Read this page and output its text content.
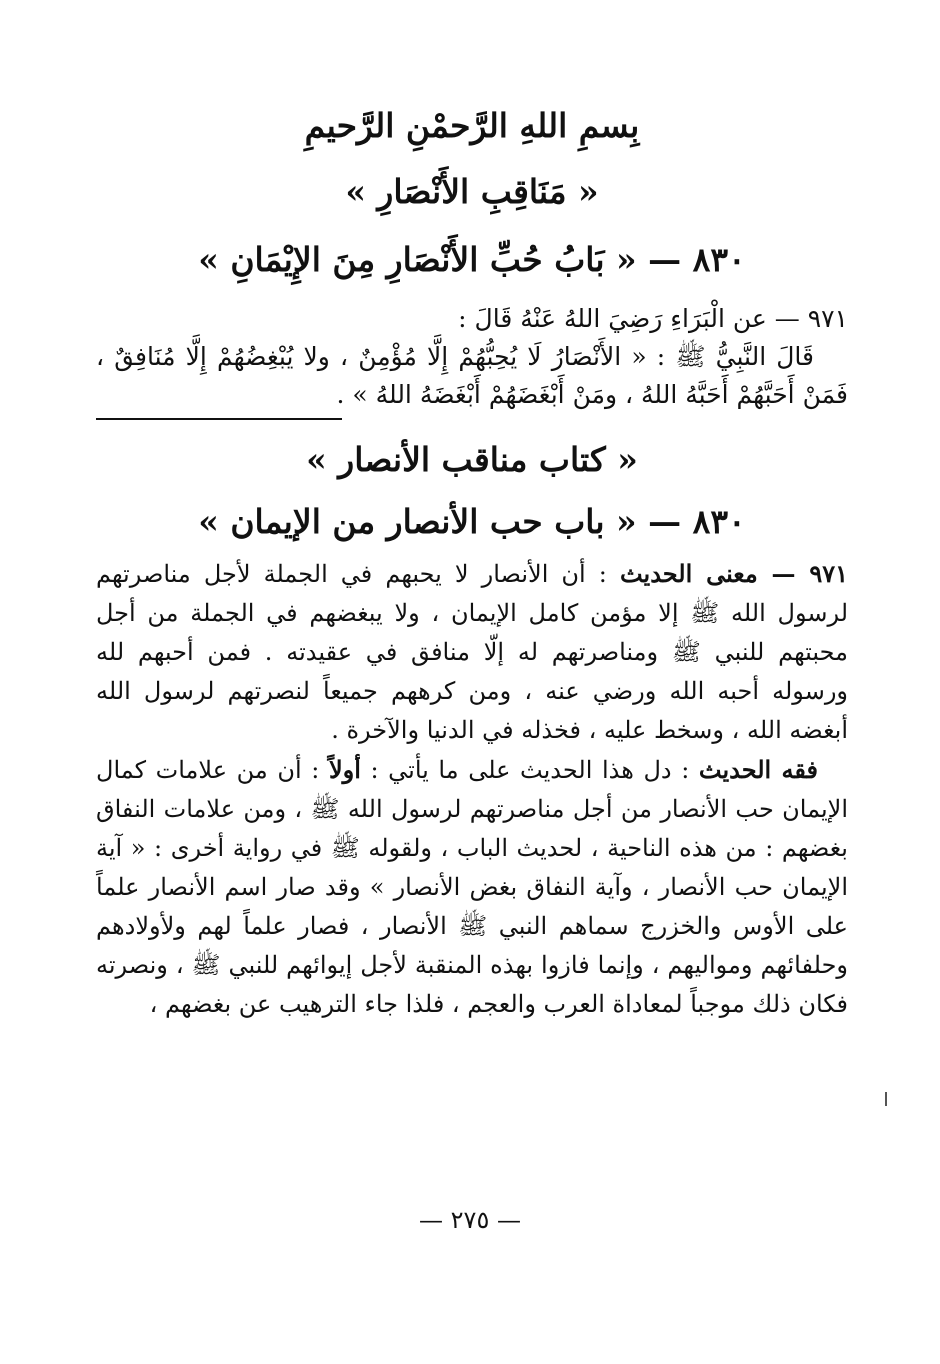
بِسمِ اللهِ الرَّحمْنِ الرَّحيمِ
« مَنَاقِبِ الأَنْصَارِ »
٨٣٠ — « بَابُ حُبِّ الأَنْصَارِ مِنَ الإِيْمَانِ »

٩٧١ — عن الْبَرَاءِ رَضِيَ اللهُ عَنْهُ قَالَ :

قَالَ النَّبِيُّ ﷺ : « الأَنْصَارُ لَا يُحِبُّهُمْ إِلَّا مُؤْمِنٌ ، ولا يُبْغِضُهُمْ إِلَّا مُنَافِقٌ ، فَمَنْ أَحَبَّهُمْ أَحَبَّهُ اللهُ ، ومَنْ أَبْغَضَهُمْ أَبْغَضَهُ اللهُ » .

« كتاب مناقب الأنصار »
٨٣٠ — « باب حب الأنصار من الإيمان »

٩٧١ — معنى الحديث : أن الأنصار لا يحبهم في الجملة لأجل مناصرتهم لرسول الله ﷺ إلا مؤمن كامل الإيمان ، ولا يبغضهم في الجملة من أجل محبتهم للنبي ﷺ ومناصرتهم له إلّا منافق في عقيدته . فمن أحبهم لله ورسوله أحبه الله ورضي عنه ، ومن كرههم جميعاً لنصرتهم لرسول الله أبغضه الله ، وسخط عليه ، فخذله في الدنيا والآخرة .

فقه الحديث : دل هذا الحديث على ما يأتي : أولاً : أن من علامات كمال الإيمان حب الأنصار من أجل مناصرتهم لرسول الله ﷺ ، ومن علامات النفاق بغضهم : من هذه الناحية ، لحديث الباب ، ولقوله ﷺ في رواية أخرى : « آية الإيمان حب الأنصار ، وآية النفاق بغض الأنصار » وقد صار اسم الأنصار علماً على الأوس والخزرج سماهم النبي ﷺ الأنصار ، فصار علماً لهم ولأولادهم وحلفائهم ومواليهم ، وإنما فازوا بهذه المنقبة لأجل إيوائهم للنبي ﷺ ، ونصرته فكان ذلك موجباً لمعاداة العرب والعجم ، فلذا جاء الترهيب عن بغضهم ،

— ٢٧٥ —
